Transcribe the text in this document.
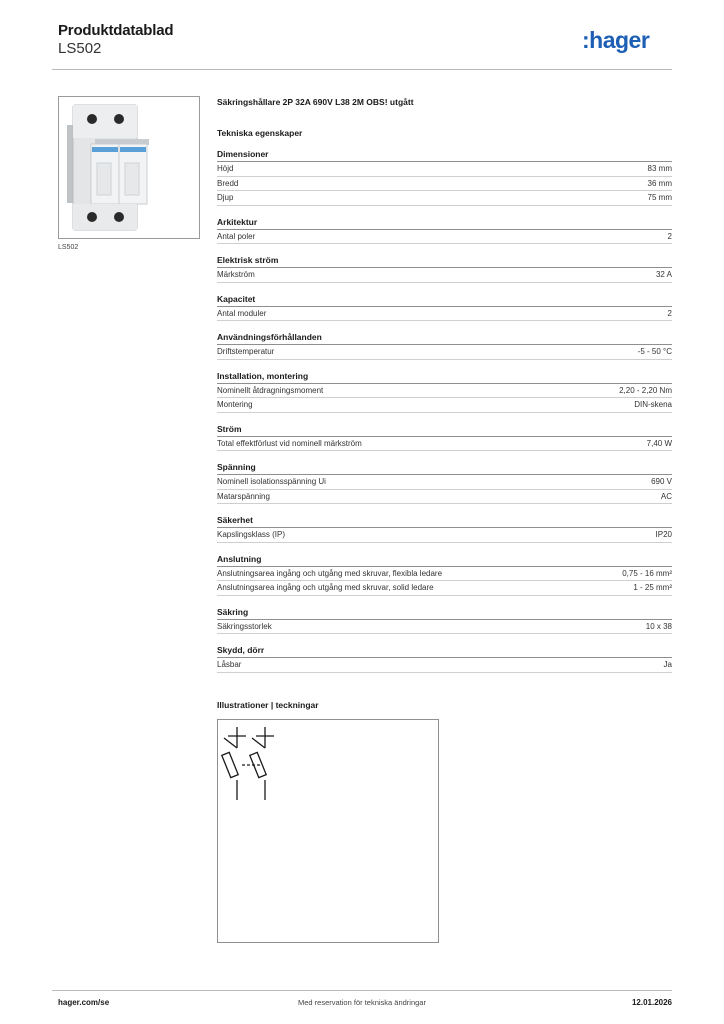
Produktdatablad
LS502	:hager
LS502
Säkringshållare 2P 32A 690V L38 2M OBS! utgått
Tekniska egenskaper
Dimensioner
Höjd	83 mm
Bredd	36 mm
Djup	75 mm
Arkitektur
Antal poler	2
Elektrisk ström
Märkström	32 A
Kapacitet
Antal moduler	2
Användningsförhållanden
Driftstemperatur	-5 - 50 °C
Installation, montering
Nominellt åtdragningsmoment	2,20 - 2,20 Nm
Montering	DIN-skena
Ström
Total effektförlust vid nominell märkström	7,40 W
Spänning
Nominell isolationsspänning Ui	690 V
Matarspänning	AC
Säkerhet
Kapslingsklass (IP)	IP20
Anslutning
Anslutningsarea ingång och utgång med skruvar, flexibla ledare	0,75 - 16 mm²
Anslutningsarea ingång och utgång med skruvar, solid ledare	1 - 25 mm²
Säkring
Säkringsstorlek	10 x 38
Skydd, dörr
Låsbar	Ja
Illustrationer | teckningar
hager.com/se	Med reservation för tekniska ändringar	12.01.2026
